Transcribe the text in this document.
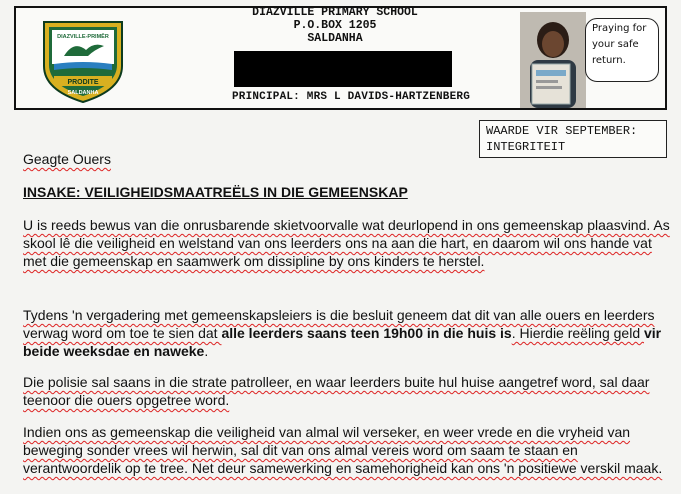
DIAZVILLE-PRIMÊR
PRODITE
SALDANHA
DIAZVILLE PRIMARY SCHOOL
P.O.BOX 1205
SALDANHA
PRINCIPAL: MRS L DAVIDS-HARTZENBERG
Praying for your safe return.
WAARDE VIR SEPTEMBER:
INTEGRITEIT
Geagte Ouers
INSAKE: VEILIGHEIDSMAATREËLS IN DIE GEMEENSKAP
U is reeds bewus van die onrusbarende skietvoorvalle wat deurlopend in ons gemeenskap plaasvind. As skool lê die veiligheid en welstand van ons leerders ons na aan die hart, en daarom wil ons hande vat met die gemeenskap en saamwerk om dissipline by ons kinders te herstel.
Tydens 'n vergadering met gemeenskapsleiers is die besluit geneem dat dit van alle ouers en leerders verwag word om toe te sien dat alle leerders saans teen 19h00 in die huis is. Hierdie reëling geld vir beide weeksdae en naweke.
Die polisie sal saans in die strate patrolleer, en waar leerders buite hul huise aangetref word, sal daar teenoor die ouers opgetree word.
Indien ons as gemeenskap die veiligheid van almal wil verseker, en weer vrede en die vryheid van beweging sonder vrees wil herwin, sal dit van ons almal vereis word om saam te staan en verantwoordelik op te tree. Net deur samewerking en samehorigheid kan ons 'n positiewe verskil maak.
